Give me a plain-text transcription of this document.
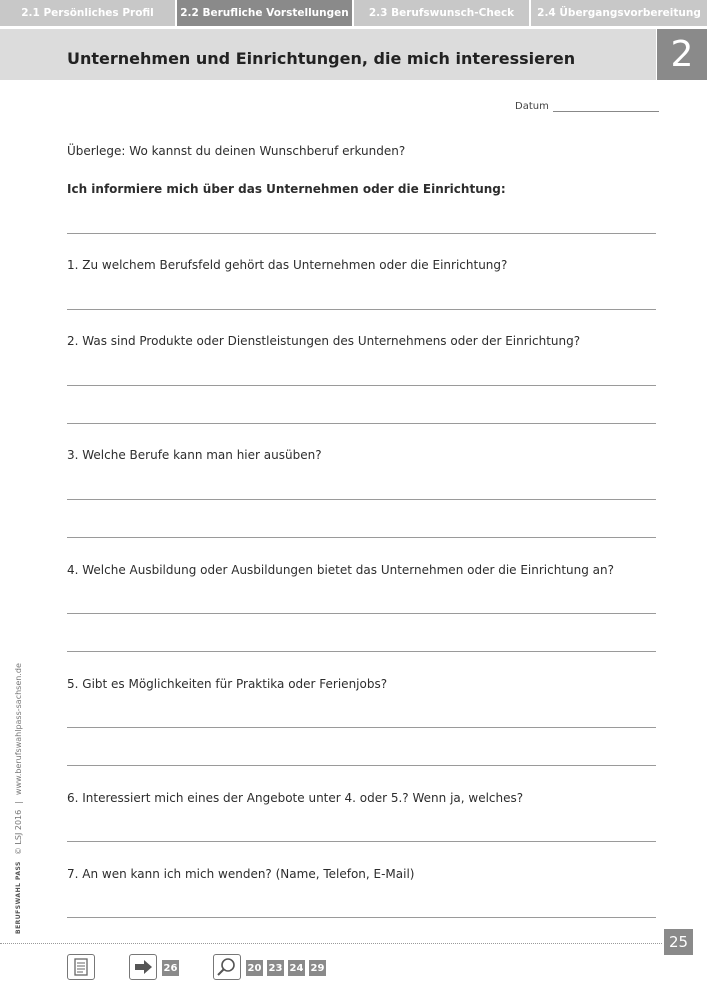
2.1 Persönliches Profil	2.2 Berufliche Vorstellungen	2.3 Berufswunsch-Check	2.4 Übergangsvorbereitung
Unternehmen und Einrichtungen, die mich interessieren	2
Datum
Überlege: Wo kannst du deinen Wunschberuf erkunden?
Ich informiere mich über das Unternehmen oder die Einrichtung:
1. Zu welchem Berufsfeld gehört das Unternehmen oder die Einrichtung?
2. Was sind Produkte oder Dienstleistungen des Unternehmens oder der Einrichtung?
3. Welche Berufe kann man hier ausüben?
4. Welche Ausbildung oder Ausbildungen bietet das Unternehmen oder die Einrichtung an?
5. Gibt es Möglichkeiten für Praktika oder Ferienjobs?
6. Interessiert mich eines der Angebote unter 4. oder 5.? Wenn ja, welches?
7. An wen kann ich mich wenden? (Name, Telefon, E-Mail)
BERUFSWAHL PASS
© LSJ 2016
|
www.berufswahlpass-sachsen.de
25
26	20 23 24 29
